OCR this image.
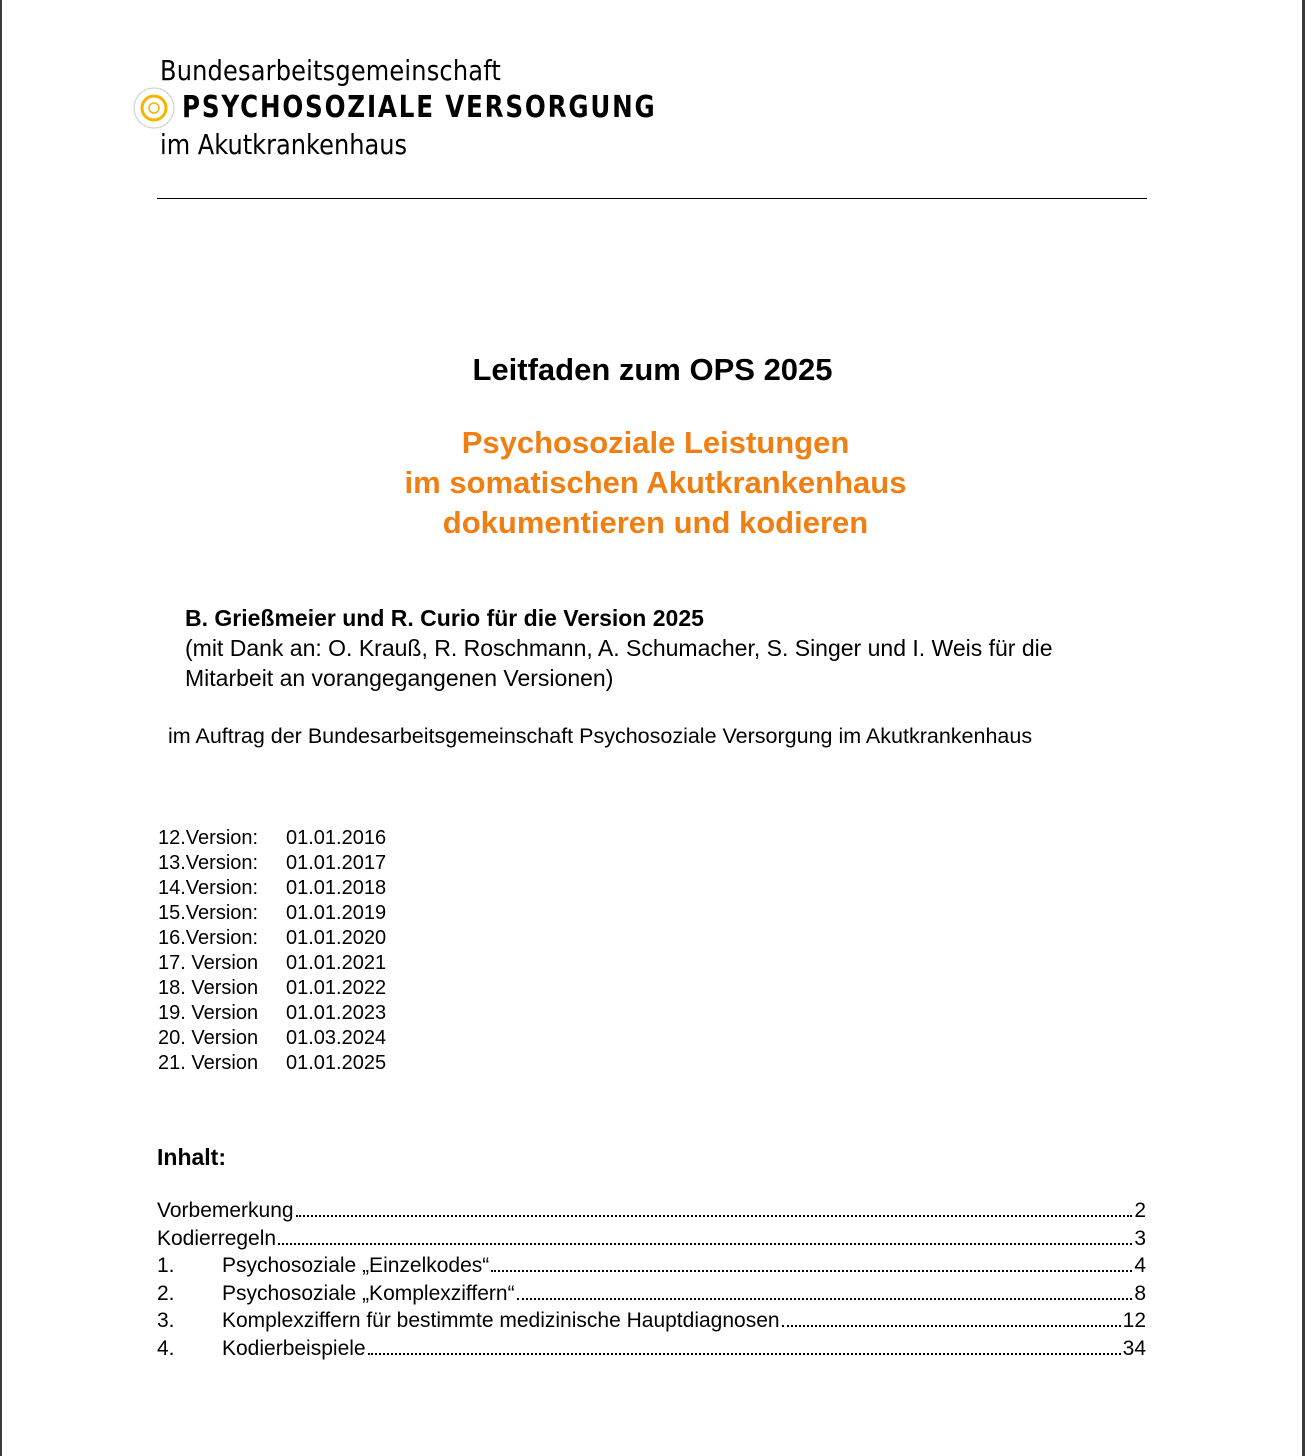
Bundesarbeitsgemeinschaft
PSYCHOSOZIALE VERSORGUNG
im Akutkrankenhaus
Leitfaden zum OPS 2025
Psychosoziale Leistungen
im somatischen Akutkrankenhaus
dokumentieren und kodieren
B. Grießmeier und R. Curio für die Version 2025
(mit Dank an: O. Krauß, R. Roschmann, A. Schumacher, S. Singer und I. Weis für die
Mitarbeit an vorangegangenen Versionen)
im Auftrag der Bundesarbeitsgemeinschaft Psychosoziale Versorgung im Akutkrankenhaus
12.Version:	01.01.2016
13.Version:	01.01.2017
14.Version:	01.01.2018
15.Version:	01.01.2019
16.Version:	01.01.2020
17. Version	01.01.2021
18. Version	01.01.2022
19. Version	01.01.2023
20. Version	01.03.2024
21. Version	01.01.2025
Inhalt:
Vorbemerkung	2
Kodierregeln	3
1.	Psychosoziale „Einzelkodes“	4
2.	Psychosoziale „Komplexziffern“	8
3.	Komplexziffern für bestimmte medizinische Hauptdiagnosen	12
4.	Kodierbeispiele	34
